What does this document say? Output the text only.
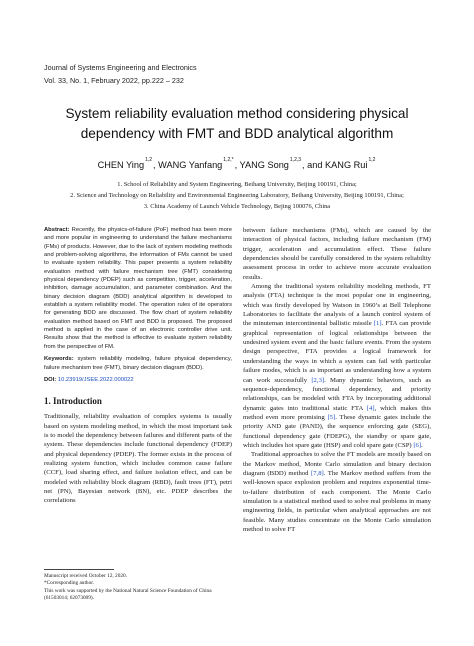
Journal of Systems Engineering and Electronics
Vol. 33, No. 1, February 2022, pp.222 – 232
System reliability evaluation method considering physical
dependency with FMT and BDD analytical algorithm
CHEN Ying$^{1,2}$, WANG Yanfang$^{1,2,*}$, YANG Song$^{1,2,3}$, and KANG Rui$^{1,2}$
1. School of Reliability and System Engineering, Beihang University, Beijing 100191, China;
2. Science and Technology on Reliability and Environmental Engineering Laboratory, Beihang University, Beijing 100191, China;
3. China Academy of Launch Vehicle Technology, Bejing 100076, China

Abstract: Recently, the physics-of-failure (PoF) method has been more and more popular in engineering to understand the failure mechanisms (FMs) of products. However, due to the lack of system modeling methods and problem-solving algorithms, the information of FMs cannot be used to evaluate system reliability. This paper presents a system reliability evaluation method with failure mechanism tree (FMT) considering physical dependency (PDEP) such as competition, trigger, acceleration, inhibition, damage accumulation, and parameter combination. And the binary decision diagram (BDD) analytical algorithm is developed to establish a system reliability model. The operation rules of ite operators for generating BDD are discussed. The flow chart of system reliability evaluation method based on FMT and BDD is proposed. The proposed method is applied in the case of an electronic controller drive unit. Results show that the method is effective to evaluate system reliability from the perspective of FM.

Keywords: system reliability modeling, failure physical dependency, failure mechanism tree (FMT), binary decision diagram (BDD).

DOI: 10.23919/JSEE.2022.000022

1. Introduction

Traditionally, reliability evaluation of complex systems is usually based on system modeling method, in which the most important task is to model the dependency between failures and different parts of the system. These dependencies include functional dependency (FDEP) and physical dependency (PDEP). The former exists in the process of realizing system function, which includes common cause failure (CCF), load sharing effect, and failure isolation effect, and can be modeled with reliability block diagram (RBD), fault trees (FT), petri net (PN), Bayesian network (BN), etc. PDEP describes the correlations

between failure mechanisms (FMs), which are caused by the interaction of physical factors, including failure mechanism (FM) trigger, acceleration and accumulation effect. These failure dependencies should be carefully considered in the system reliability assessment process in order to achieve more accurate evaluation results.

Among the traditional system reliability modeling methods, FT analysis (FTA) technique is the most popular one in engineering, which was firstly developed by Watson in 1960’s at Bell Telephone Laboratories to facilitate the analysis of a launch control system of the minuteman intercontinental ballistic missile [1]. FTA can provide graphical representation of logical relationships between the undesired system event and the basic failure events. From the system design perspective, FTA provides a logical framework for understanding the ways in which a system can fail with particular failure modes, which is as important as understanding how a system can work successfully [2,3]. Many dynamic behaviors, such as sequence-dependency, functional dependency, and priority relationships, can be modeled with FTA by incorporating additional dynamic gates into traditional static FTA [4], which makes this method even more promising [5]. These dynamic gates include the priority AND gate (PAND), the sequence enforcing gate (SEG), functional dependency gate (FDEPG), the standby or spare gate, which includes hot spare gate (HSP) and cold spare gate (CSP) [6].

Traditional approaches to solve the FT models are mostly based on the Markov method, Monte Carlo simulation and binary decision diagram (BDD) method [7,8]. The Markov method suffers from the well-known space explosion problem and requires exponential time-to-failure distribution of each component. The Monte Carlo simulation is a statistical method used to solve real problems in many engineering fields, in particular when analytical approaches are not feasible. Many studies concentrate on the Monte Carlo simulation method to solve FT

Manuscript received October 12, 2020.
*Corresponding author.
This work was supported by the National Natural Science Foundation of China (61503014; 62073009).
